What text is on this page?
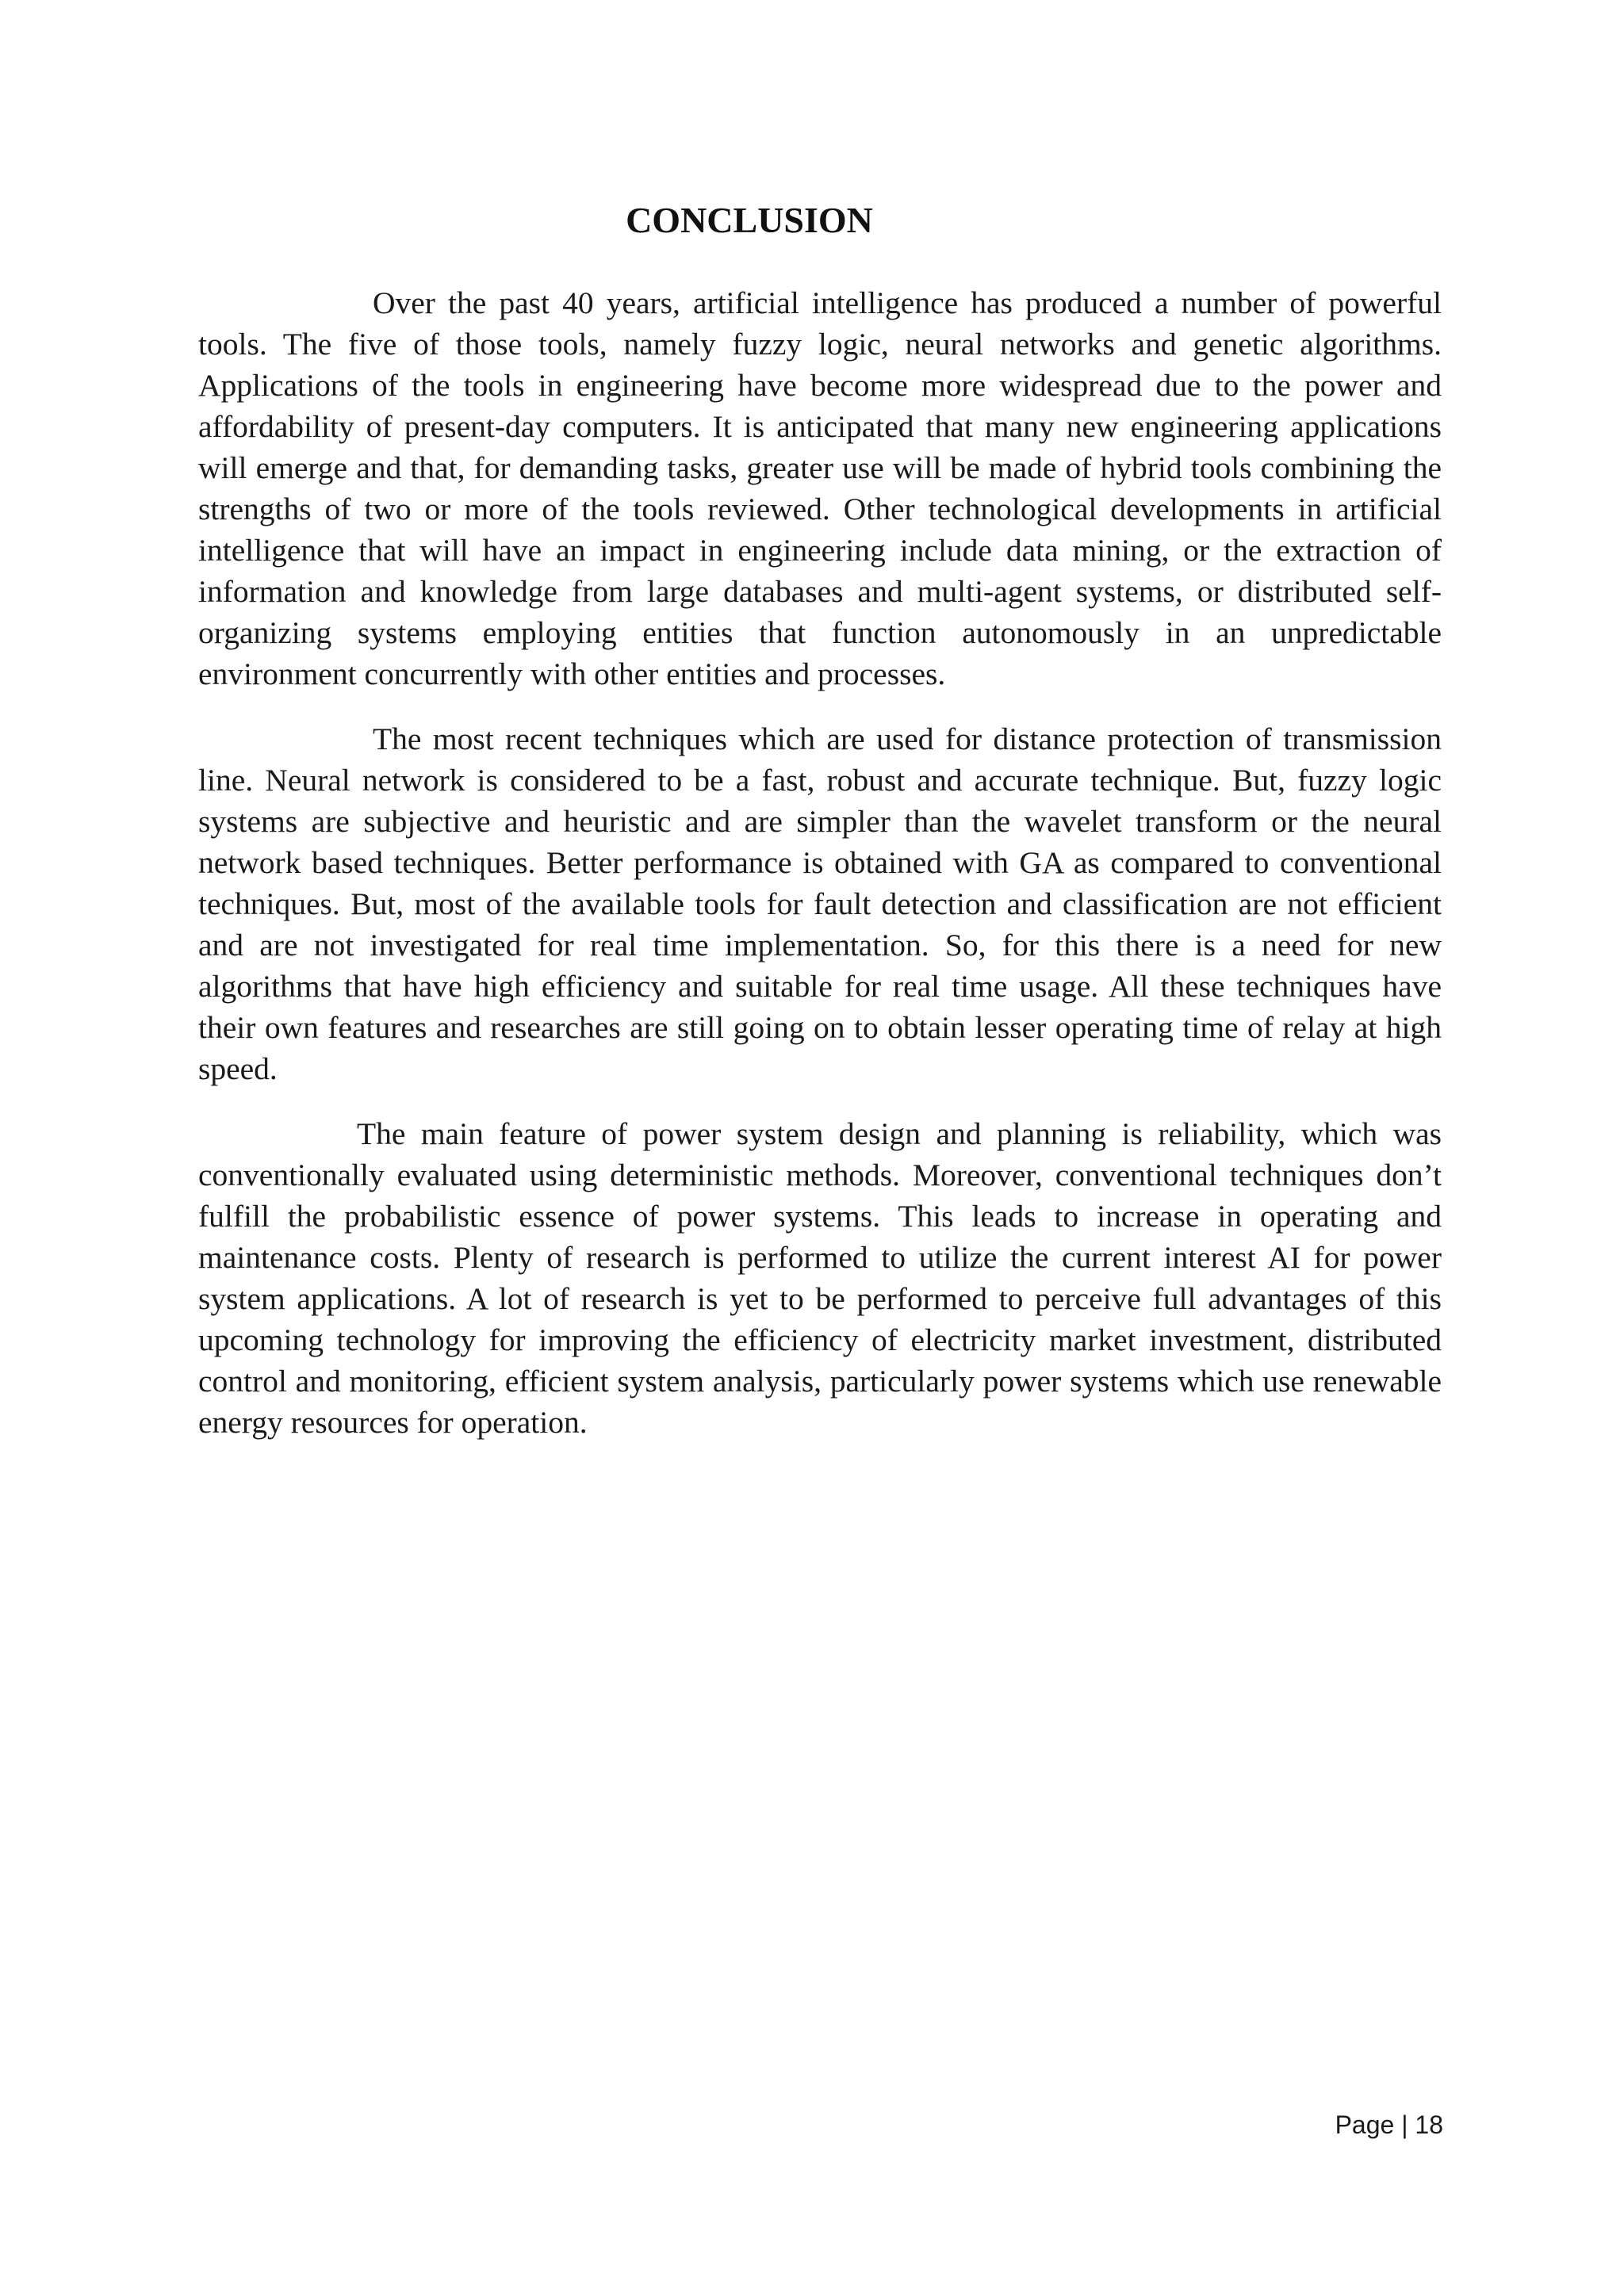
CONCLUSION

Over the past 40 years, artificial intelligence has produced a number of powerful tools. The five of those tools, namely fuzzy logic, neural networks and genetic algorithms. Applications of the tools in engineering have become more widespread due to the power and affordability of present-day computers. It is anticipated that many new engineering applications will emerge and that, for demanding tasks, greater use will be made of hybrid tools combining the strengths of two or more of the tools reviewed. Other technological developments in artificial intelligence that will have an impact in engineering include data mining, or the extraction of information and knowledge from large databases and multi-agent systems, or distributed self-organizing systems employing entities that function autonomously in an unpredictable environment concurrently with other entities and processes.

The most recent techniques which are used for distance protection of transmission line. Neural network is considered to be a fast, robust and accurate technique. But, fuzzy logic systems are subjective and heuristic and are simpler than the wavelet transform or the neural network based techniques. Better performance is obtained with GA as compared to conventional techniques. But, most of the available tools for fault detection and classification are not efficient and are not investigated for real time implementation. So, for this there is a need for new algorithms that have high efficiency and suitable for real time usage. All these techniques have their own features and researches are still going on to obtain lesser operating time of relay at high speed.

The main feature of power system design and planning is reliability, which was conventionally evaluated using deterministic methods. Moreover, conventional techniques don’t fulfill the probabilistic essence of power systems. This leads to increase in operating and maintenance costs. Plenty of research is performed to utilize the current interest AI for power system applications. A lot of research is yet to be performed to perceive full advantages of this upcoming technology for improving the efficiency of electricity market investment, distributed control and monitoring, efficient system analysis, particularly power systems which use renewable energy resources for operation.

Page | 18
